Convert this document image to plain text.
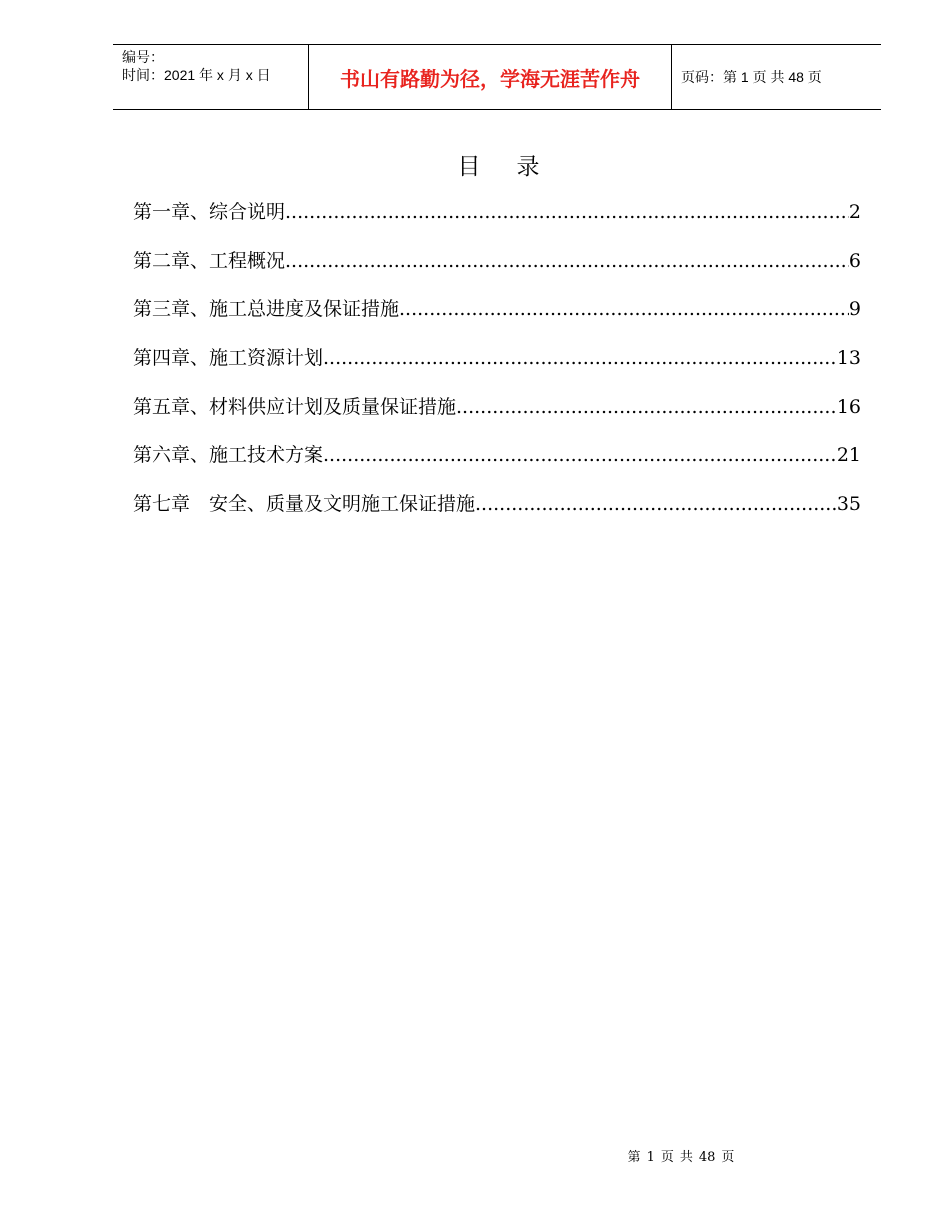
编号：
时间：2021 年 x 月 x 日	书山有路勤为径，学海无涯苦作舟	页码：第 1 页 共 48 页
目 录
第一章、综合说明 .....	2
第二章、工程概况 .....	6
第三章、施工总进度及保证措施 .....	9
第四章、施工资源计划 .....	13
第五章、材料供应计划及质量保证措施 .....	16
第六章、施工技术方案 .....	21
第七章　安全、质量及文明施工保证措施 .....	35
第 1 页 共 48 页
